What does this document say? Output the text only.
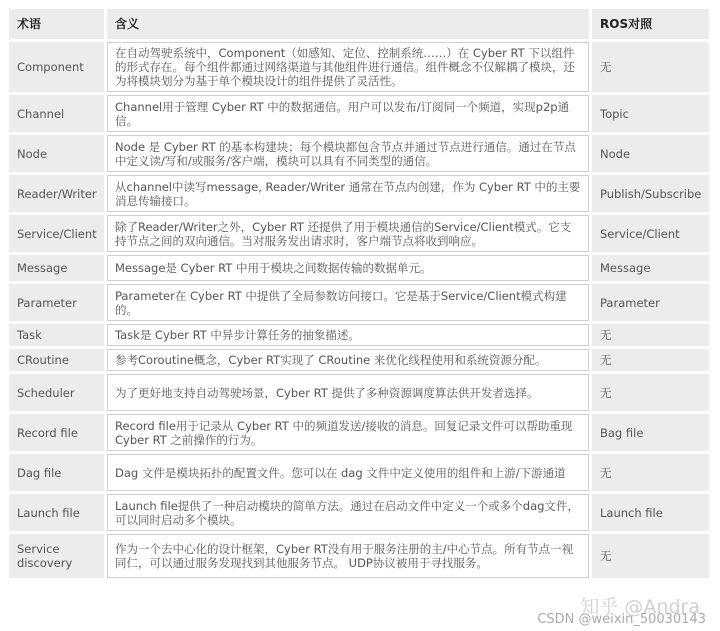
术语	含义	ROS对照
Component	在自动驾驶系统中，Component（如感知、定位、控制系统……）在 Cyber RT 下以组件的形式存在。每个组件都通过网络渠道与其他组件进行通信。组件概念不仅解耦了模块，还为将模块划分为基于单个模块设计的组件提供了灵活性。	无
Channel	Channel用于管理 Cyber RT 中的数据通信。用户可以发布/订阅同一个频道，实现p2p通信。	Topic
Node	Node 是 Cyber RT 的基本构建块；每个模块都包含节点并通过节点进行通信。通过在节点中定义读/写和/或服务/客户端，模块可以具有不同类型的通信。	Node
Reader/Writer	从channel中读写message, Reader/Writer 通常在节点内创建，作为 Cyber RT 中的主要消息传输接口。	Publish/Subscribe
Service/Client	除了Reader/Writer之外，Cyber RT 还提供了用于模块通信的Service/Client模式。它支持节点之间的双向通信。当对服务发出请求时，客户端节点将收到响应。	Service/Client
Message	Message是 Cyber RT 中用于模块之间数据传输的数据单元。	Message
Parameter	Parameter在 Cyber RT 中提供了全局参数访问接口。它是基于Service/Client模式构建的。	Parameter
Task	Task是 Cyber RT 中异步计算任务的抽象描述。	无
CRoutine	参考Coroutine概念，Cyber RT实现了 CRoutine 来优化线程使用和系统资源分配。	无
Scheduler	为了更好地支持自动驾驶场景，Cyber RT 提供了多种资源调度算法供开发者选择。	无
Record file	Record file用于记录从 Cyber RT 中的频道发送/接收的消息。回复记录文件可以帮助重现 Cyber RT 之前操作的行为。	Bag file
Dag file	Dag 文件是模块拓扑的配置文件。您可以在 dag 文件中定义使用的组件和上游/下游通道	无
Launch file	Launch file提供了一种启动模块的简单方法。通过在启动文件中定义一个或多个dag文件，可以同时启动多个模块。	Launch file
Service discovery	作为一个去中心化的设计框架，Cyber RT没有用于服务注册的主/中心节点。所有节点一视同仁，可以通过服务发现找到其他服务节点。 UDP协议被用于寻找服务。	无
知乎 @Andra
CSDN @weixin_50030143
